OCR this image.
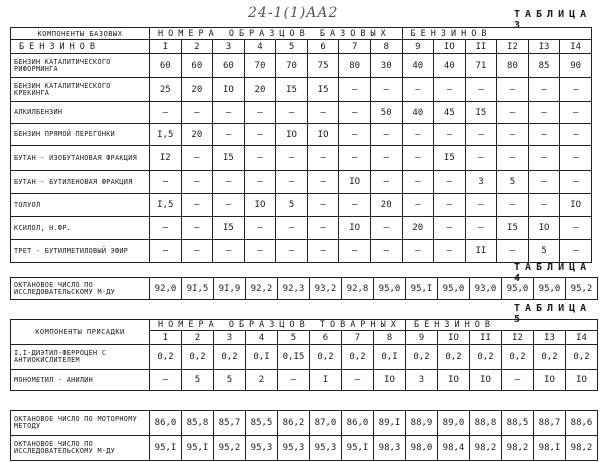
24-1(1)AA2	ТАБЛИЦА 3
КОМПОНЕНТЫ БАЗОВЫХ	НОМЕРА ОБРАЗЦОВ БАЗОВЫХ								БЕНЗИНОВ					
БЕНЗИНОВ	I	2	3	4	5	6	7	8	9	IO	II	I2	I3	I4
БЕНЗИН КАТАЛИТИЧЕСКОГО РИФОРМИНГА	60	60	60	70	70	75	80	30	40	40	71	80	85	90
БЕНЗИН КАТАЛИТИЧЕСКОГО КРЕКИНГА	25	20	IO	20	I5	I5	–	–	–	–	–	–	–	–
АЛКИЛБЕНЗИН	–	–	–	–	–	–	–	50	40	45	I5	–	–	–
БЕНЗИН ПРЯМОЙ ПЕРЕГОНКИ	I,5	20	–	–	IO	IO	–	–	–	–	–	–	–	–
БУТАН - ИЗОБУТАНОВАЯ ФРАКЦИЯ	I2	–	I5	–	–	–	–	–	–	I5	–	–	–	–
БУТАН - БУТИЛЕНОВАЯ ФРАКЦИЯ	–	–	–	–	–	–	IO	–	–	–	3	5	–	–
ТОЛУОЛ	I,5	–	–	IO	5	–	–	20	–	–	–	–	–	IO
КСИЛОЛ, Н.ФР.	–	–	I5	–	–	–	IO	–	20	–	–	I5	IO	–
ТРЕТ - БУТИЛМЕТИЛОВЫЙ ЭФИР	–	–	–	–	–	–	–	–	–	–	II	–	5	–
ТАБЛИЦА 4
ОКТАНОВОЕ ЧИСЛО ПО ИССЛЕДОВАТЕЛЬСКОМУ М-ДУ	92,0	9I,5	9I,9	92,2	92,3	93,2	92,8	95,0	95,I	95,0	93,0	95,0	95,0	95,2
ТАБЛИЦА 5
КОМПОНЕНТЫ ПРИСАДКИ	НОМЕРА ОБРАЗЦОВ ТОВАРНЫХ								БЕНЗИНОВ					
	I	2	3	4	5	6	7	8	9	IO	II	I2	I3	I4
I,I-ДИЭТИЛ-ФЕРРОЦЕН С АНТИОКИСЛИТЕЛЕМ	0,2	0,2	0,2	0,I	0,I5	0,2	0,2	0,I	0,2	0,2	0,2	0,2	0,2	0,2
МОНОМЕТИЛ - АНИЛИН	–	5	5	2	–	I	–	IO	3	IO	IO	–	IO	IO
ОКТАНОВОЕ ЧИСЛО ПО МОТОРНОМУ МЕТОДУ	86,0	85,8	85,7	85,5	86,2	87,0	86,0	89,I	88,9	89,0	88,8	88,5	88,7	88,6
ОКТАНОВОЕ ЧИСЛО ПО ИССЛЕДОВАТЕЛЬСКОМУ М-ДУ	95,I	95,I	95,2	95,3	95,3	95,3	95,I	98,3	98,0	98,4	98,2	98,2	98,I	98,2
